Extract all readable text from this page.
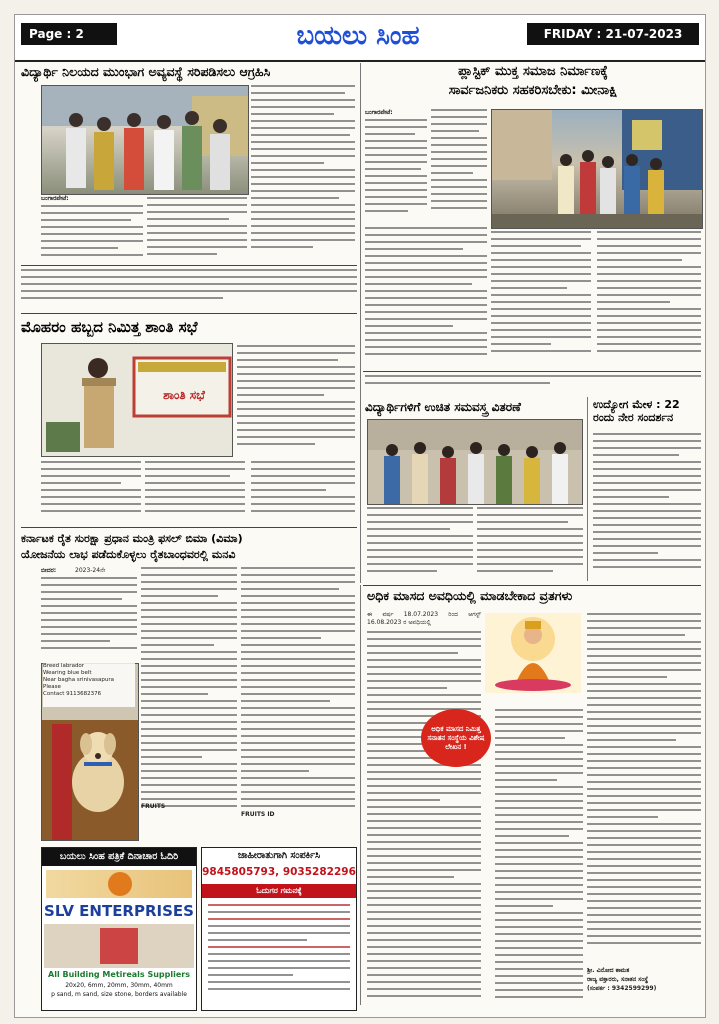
Page : 2	ಬಯಲು ಸಿಂಹ	FRIDAY : 21-07-2023
ವಿದ್ಯಾರ್ಥಿ ನಿಲಯದ ಮುಂಭಾಗ ಅವ್ಯವಸ್ಥೆ ಸರಿಪಡಿಸಲು ಆಗ್ರಹಿಸಿ
ಬಂಗಾರಪೇಟೆ:
ಪ್ಲಾಸ್ಟಿಕ್ ಮುಕ್ತ ಸಮಾಜ ನಿರ್ಮಾಣಕ್ಕೆ
ಸಾರ್ವಜನಿಕರು ಸಹಕರಿಸಬೇಕು: ಮೀನಾಕ್ಷಿ
ಬಂಗಾರಪೇಟೆ:
ಮೊಹರಂ ಹಬ್ಬದ ನಿಮಿತ್ತ ಶಾಂತಿ ಸಭೆ
ಶಾಂತಿ ಸಭೆ
ವಿದ್ಯಾರ್ಥಿಗಳಿಗೆ ಉಚಿತ ಸಮವಸ್ತ್ರ ವಿತರಣೆ	ಉದ್ಯೋಗ ಮೇಳ : 22 ರಂದು ನೇರ ಸಂದರ್ಶನ
ಕರ್ನಾಟಕ ರೈತ ಸುರಕ್ಷಾ ಪ್ರಧಾನ ಮಂತ್ರಿ ಫಸಲ್ ಬಿಮಾ (ವಿಮಾ)
ಯೋಜನೆಯ ಲಾಭ ಪಡೆದುಕೊಳ್ಳಲು ರೈತಬಾಂಧವರಲ್ಲಿ ಮನವಿ
ಬೀದರ:	2023-24ನೇ
FRUITS
FRUITS ID
Breed labrador
Wearing blue belt
Near bagha srinivasapura
Please
Contact 9113682376
ಅಧಿಕ ಮಾಸದ ಅವಧಿಯಲ್ಲಿ ಮಾಡಬೇಕಾದ ವ್ರತಗಳು
ಈ ವರ್ಷ 18.07.2023 ರಿಂದ ಆಗಸ್ಟ್ 16.08.2023 ರ ಅವಧಿಯಲ್ಲಿ
ಅಧಿಕ ಮಾಸದ ನಿಮಿತ್ತ ಸನಾತನ ಸಂಸ್ಥೆಯ ವಿಶೇಷ ಲೇಖನ !
ಶ್ರೀ. ವಿನೋದ ಕಾಮತ
ರಾಜ್ಯ ವಕ್ತಾರರು, ಸನಾತನ ಸಂಸ್ಥೆ
(ಸಂಪರ್ಕ : 9342599299)
ಬಯಲು ಸಿಂಹ ಪತ್ರಿಕೆ ದಿನಾಚಾರ ಓದಿರಿ
SLV ENTERPRISES
All Building Metireals Suppliers
20x20, 6mm, 20mm, 30mm, 40mm
p sand, m sand, size stone, borders available
ಜಾಹೀರಾತುಗಾಗಿ ಸಂಪರ್ಕಿಸಿ
9845805793, 9035282296
ಓದುಗರ ಗಮನಕ್ಕೆ
